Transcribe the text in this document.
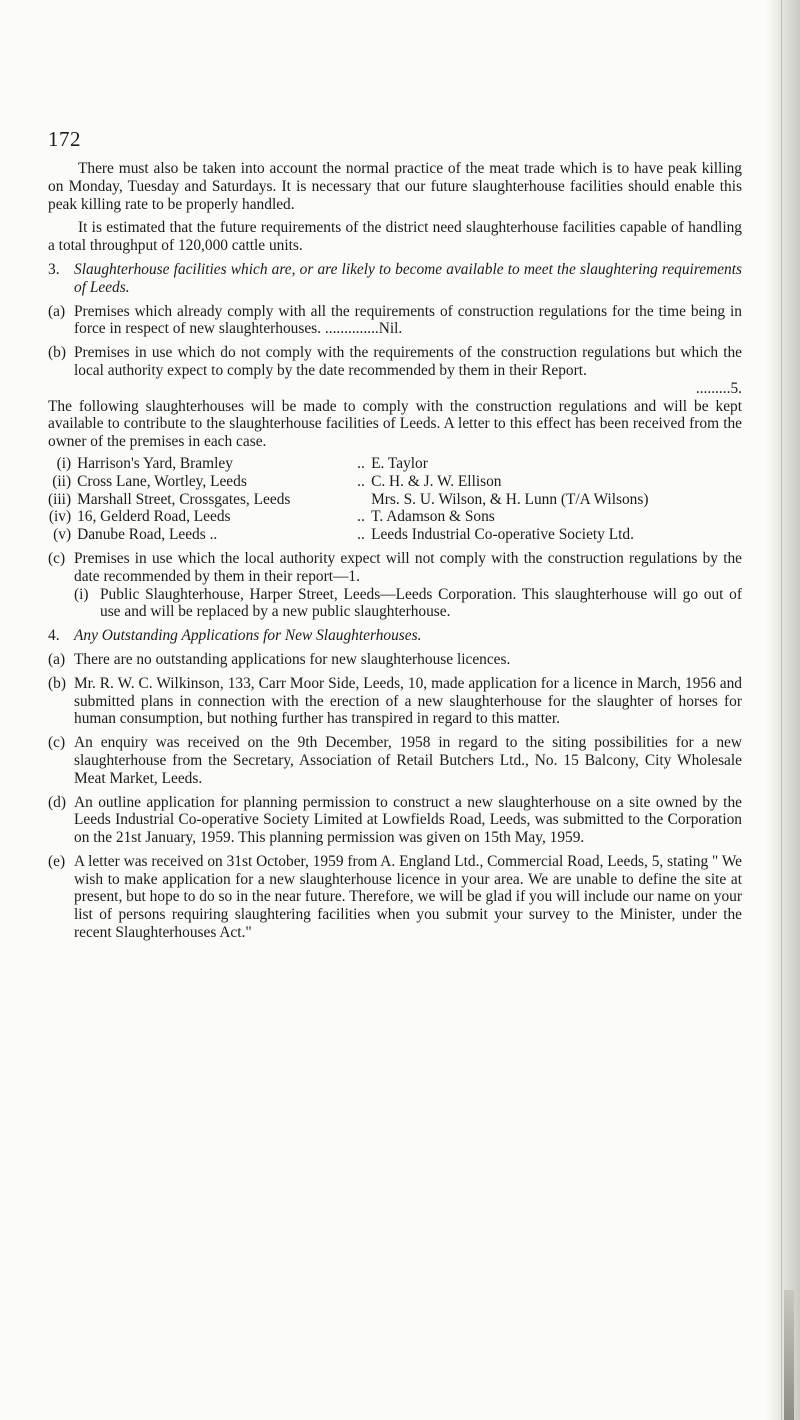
172

There must also be taken into account the normal practice of the meat trade which is to have peak killing on Monday, Tuesday and Saturdays. It is necessary that our future slaughterhouse facilities should enable this peak killing rate to be properly handled.

It is estimated that the future requirements of the district need slaughterhouse facilities capable of handling a total throughput of 120,000 cattle units.

3. Slaughterhouse facilities which are, or are likely to become available to meet the slaughtering requirements of Leeds.
(a) Premises which already comply with all the requirements of construction regulations for the time being in force in respect of new slaughterhouses. ..............Nil.
(b) Premises in use which do not comply with the requirements of the construction regulations but which the local authority expect to comply by the date recommended by them in their Report.

.........5.

The following slaughterhouses will be made to comply with the construction regulations and will be kept available to contribute to the slaughterhouse facilities of Leeds. A letter to this effect has been received from the owner of the premises in each case.

(i)	Harrison's Yard, Bramley	..	E. Taylor
(ii)	Cross Lane, Wortley, Leeds	..	C. H. & J. W. Ellison
(iii)	Marshall Street, Crossgates, Leeds		Mrs. S. U. Wilson, & H. Lunn (T/A Wilsons)
(iv)	16, Gelderd Road, Leeds	..	T. Adamson & Sons
(v)	Danube Road, Leeds ..	..	Leeds Industrial Co-operative Society Ltd.
(c) Premises in use which the local authority expect will not comply with the construction regulations by the date recommended by them in their report—1.
(i) Public Slaughterhouse, Harper Street, Leeds—Leeds Corporation. This slaughterhouse will go out of use and will be replaced by a new public slaughterhouse.
4. Any Outstanding Applications for New Slaughterhouses.
(a) There are no outstanding applications for new slaughterhouse licences.
(b) Mr. R. W. C. Wilkinson, 133, Carr Moor Side, Leeds, 10, made application for a licence in March, 1956 and submitted plans in connection with the erection of a new slaughterhouse for the slaughter of horses for human consumption, but nothing further has transpired in regard to this matter.
(c) An enquiry was received on the 9th December, 1958 in regard to the siting possibilities for a new slaughterhouse from the Secretary, Association of Retail Butchers Ltd., No. 15 Balcony, City Wholesale Meat Market, Leeds.
(d) An outline application for planning permission to construct a new slaughterhouse on a site owned by the Leeds Industrial Co-operative Society Limited at Lowfields Road, Leeds, was submitted to the Corporation on the 21st January, 1959. This planning permission was given on 15th May, 1959.
(e) A letter was received on 31st October, 1959 from A. England Ltd., Commercial Road, Leeds, 5, stating " We wish to make application for a new slaughterhouse licence in your area. We are unable to define the site at present, but hope to do so in the near future. Therefore, we will be glad if you will include our name on your list of persons requiring slaughtering facilities when you submit your survey to the Minister, under the recent Slaughterhouses Act."
